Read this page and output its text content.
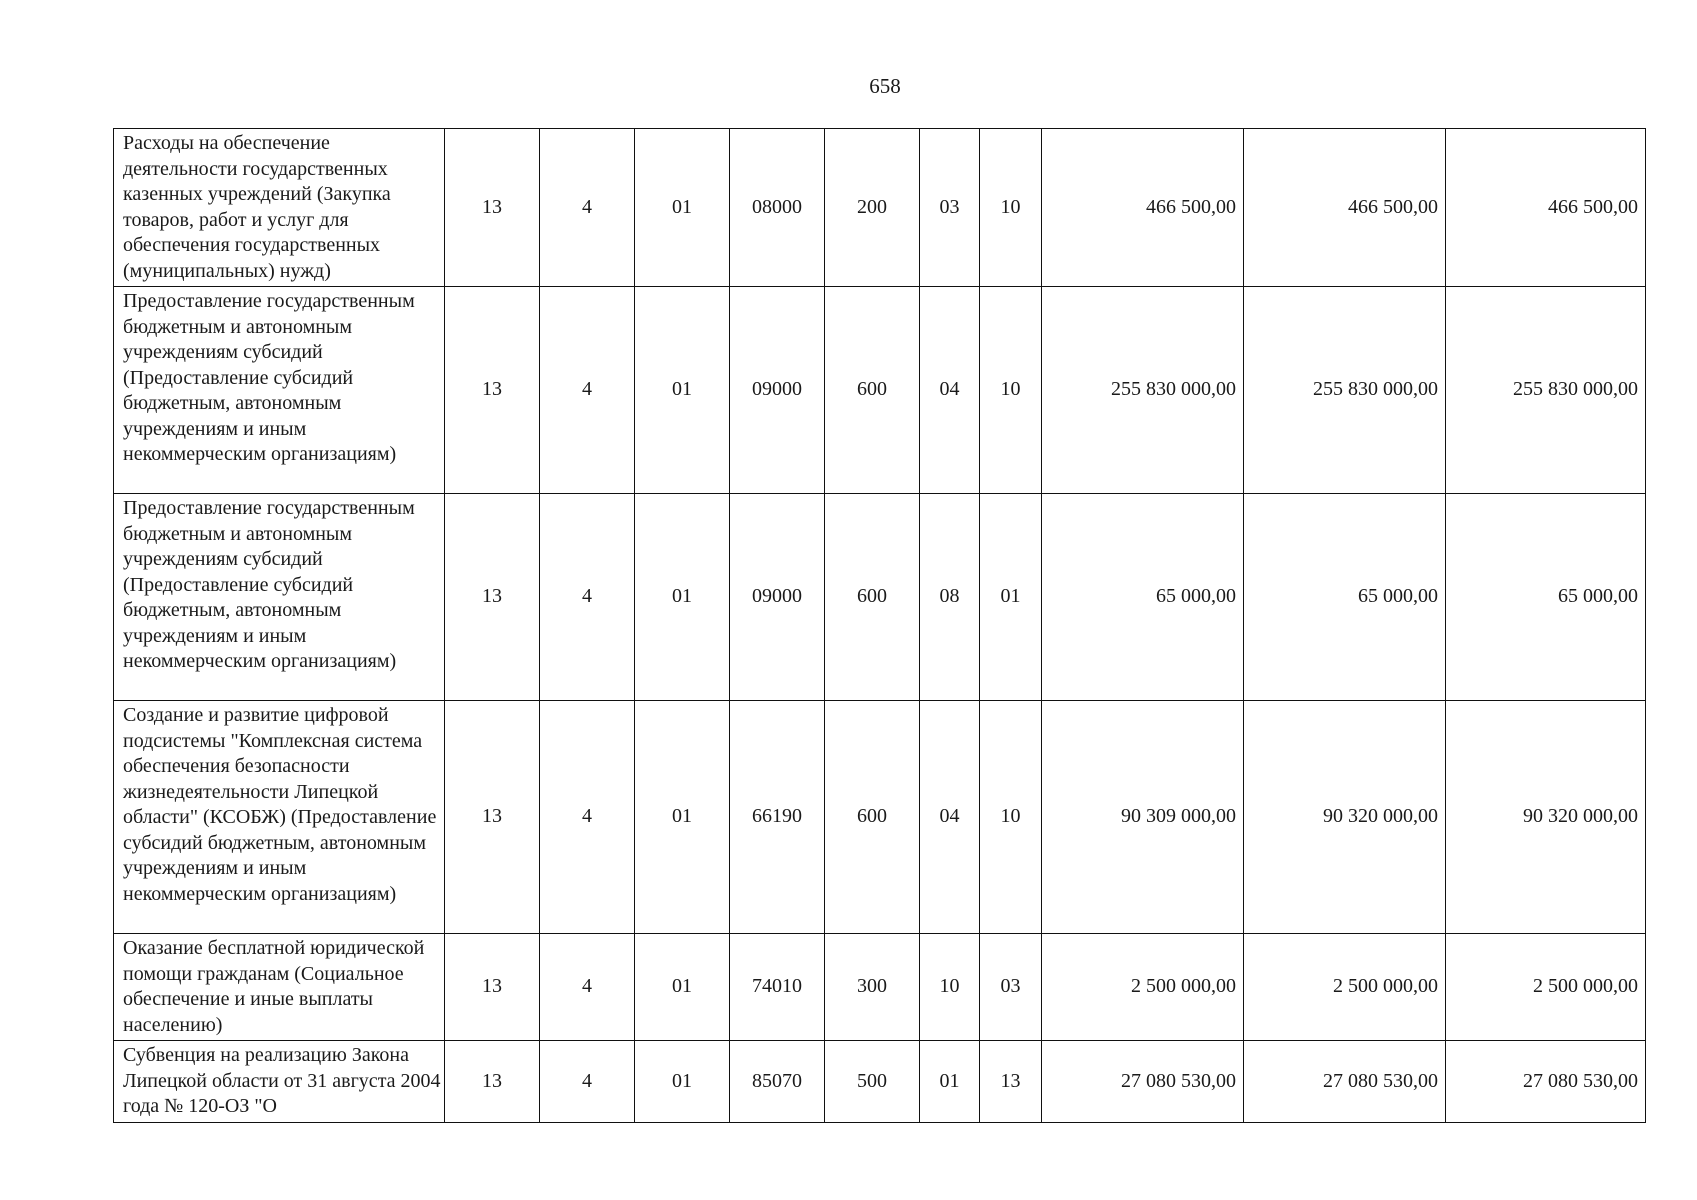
658
Расходы на обеспечение деятельности государственных казенных учреждений (Закупка товаров, работ и услуг для обеспечения государственных (муниципальных) нужд)	13	4	01	08000	200	03	10	466 500,00	466 500,00	466 500,00
Предоставление государственным бюджетным и автономным учреждениям субсидий (Предоставление субсидий бюджетным, автономным учреждениям и иным некоммерческим организациям)	13	4	01	09000	600	04	10	255 830 000,00	255 830 000,00	255 830 000,00
Предоставление государственным бюджетным и автономным учреждениям субсидий (Предоставление субсидий бюджетным, автономным учреждениям и иным некоммерческим организациям)	13	4	01	09000	600	08	01	65 000,00	65 000,00	65 000,00
Создание и развитие цифровой подсистемы "Комплексная система обеспечения безопасности жизнедеятельности Липецкой области" (КСОБЖ) (Предоставление субсидий бюджетным, автономным учреждениям и иным некоммерческим организациям)	13	4	01	66190	600	04	10	90 309 000,00	90 320 000,00	90 320 000,00
Оказание бесплатной юридической помощи гражданам (Социальное обеспечение и иные выплаты населению)	13	4	01	74010	300	10	03	2 500 000,00	2 500 000,00	2 500 000,00
Субвенция на реализацию Закона Липецкой области от 31 августа 2004 года № 120-ОЗ "О	13	4	01	85070	500	01	13	27 080 530,00	27 080 530,00	27 080 530,00
